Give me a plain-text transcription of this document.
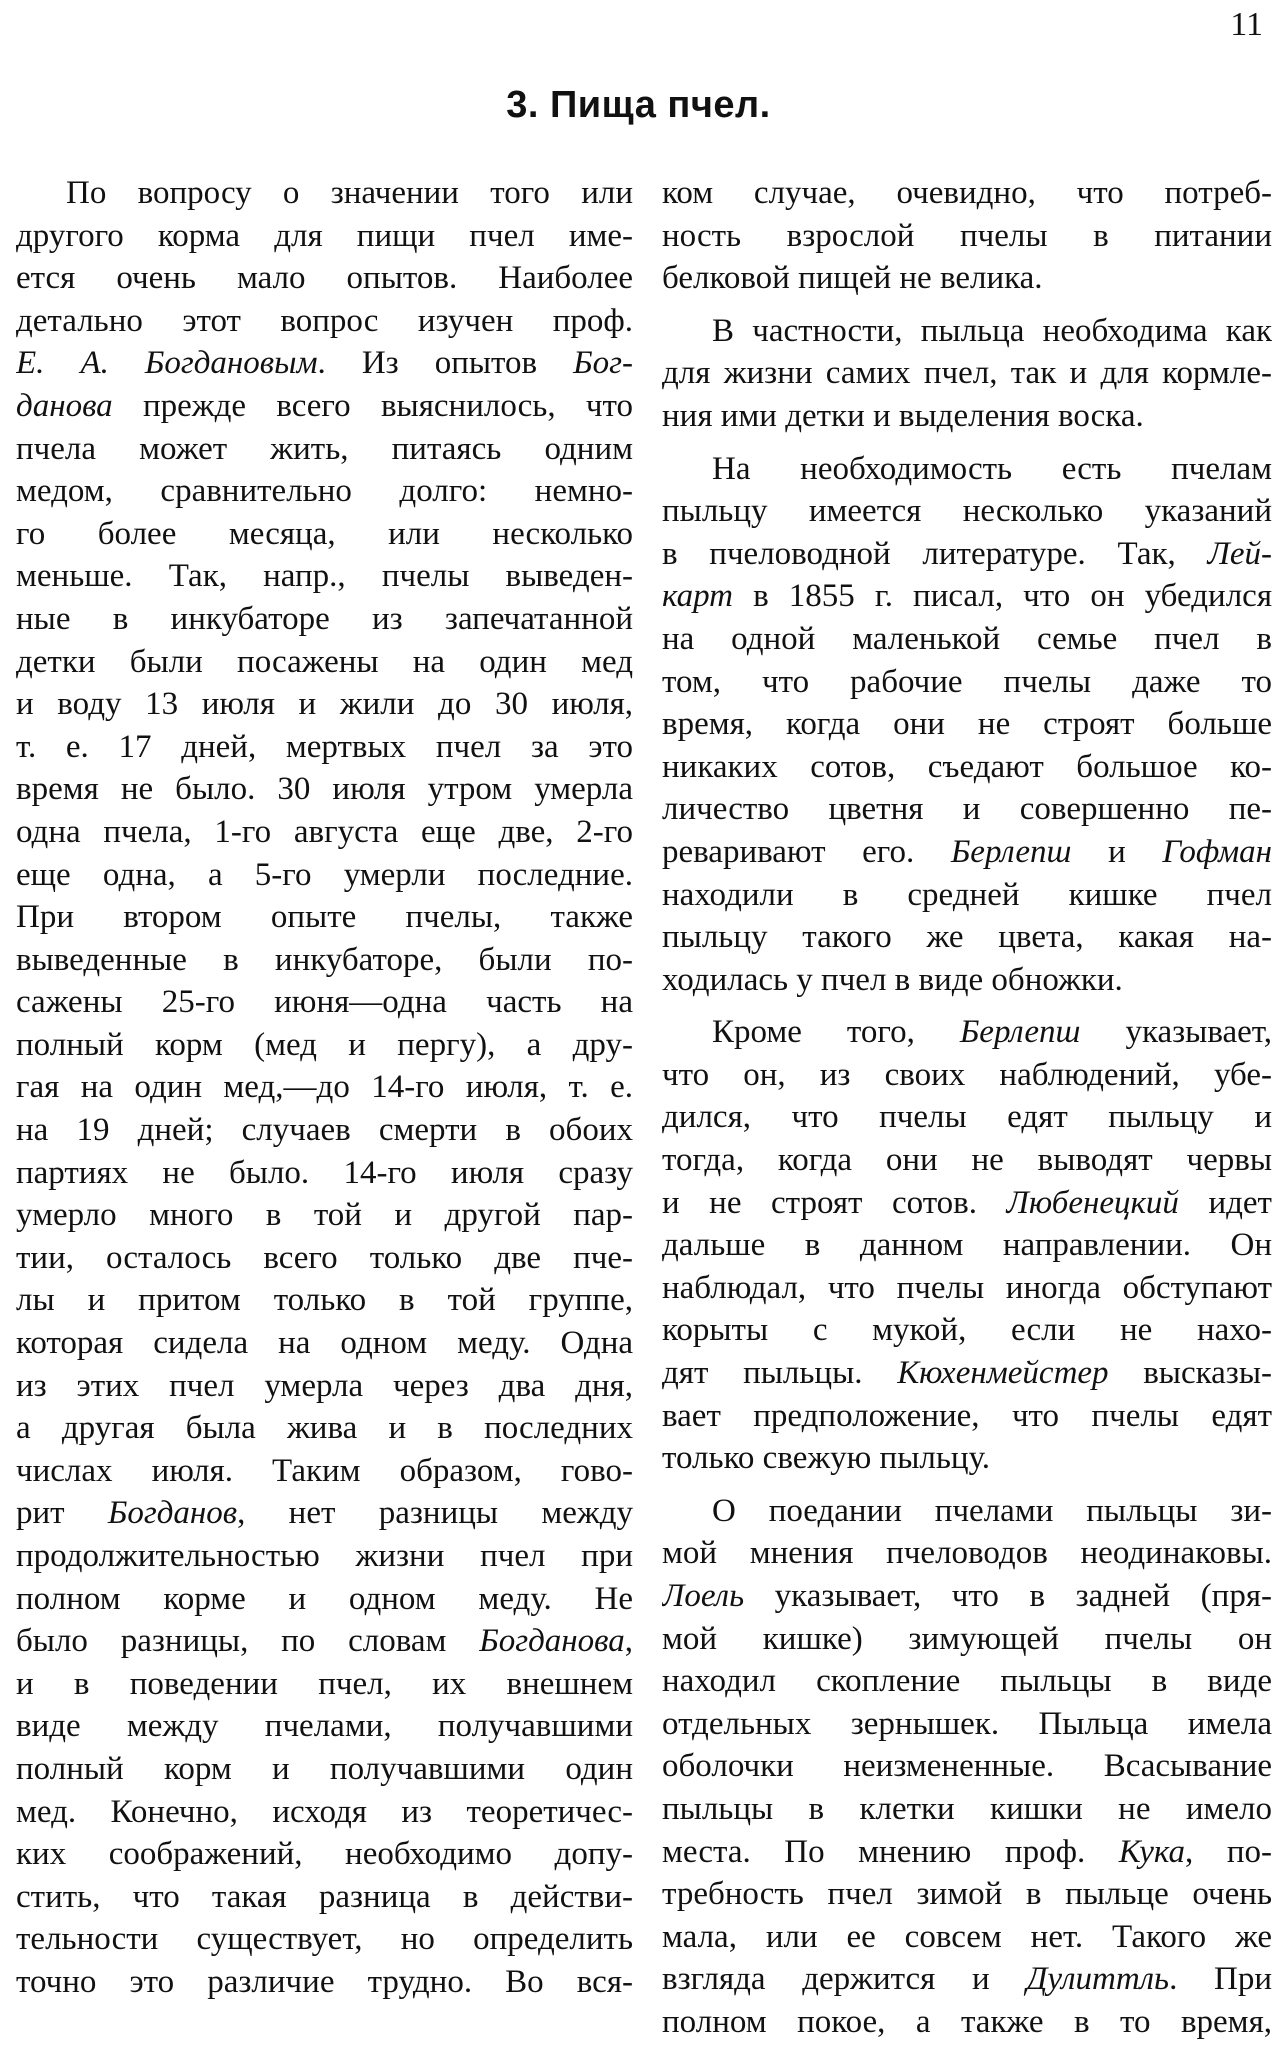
11
3. Пища пчел.
По вопросу о значении того или
другого корма для пищи пчел име-
ется очень мало опытов. Наиболее
детально этот вопрос изучен проф.
Е. А. Богдановым. Из опытов Бог-
данова прежде всего выяснилось, что
пчела может жить, питаясь одним
медом, сравнительно долго: немно-
го более месяца, или несколько
меньше. Так, напр., пчелы выведен-
ные в инкубаторе из запечатанной
детки были посажены на один мед
и воду 13 июля и жили до 30 июля,
т. е. 17 дней, мертвых пчел за это
время не было. 30 июля утром умерла
одна пчела, 1-го августа еще две, 2-го
еще одна, а 5-го умерли последние.
При втором опыте пчелы, также
выведенные в инкубаторе, были по-
сажены 25-го июня—одна часть на
полный корм (мед и пергу), а дру-
гая на один мед,—до 14-го июля, т. е.
на 19 дней; случаев смерти в обоих
партиях не было. 14-го июля сразу
умерло много в той и другой пар-
тии, осталось всего только две пче-
лы и притом только в той группе,
которая сидела на одном меду. Одна
из этих пчел умерла через два дня,
а другая была жива и в последних
числах июля. Таким образом, гово-
рит Богданов, нет разницы между
продолжительностью жизни пчел при
полном корме и одном меду. Не
было разницы, по словам Богданова,
и в поведении пчел, их внешнем
виде между пчелами, получавшими
полный корм и получавшими один
мед. Конечно, исходя из теоретичес-
ких соображений, необходимо допу-
стить, что такая разница в действи-
тельности существует, но определить
точно это различие трудно. Во вся-
ком случае, очевидно, что потреб-
ность взрослой пчелы в питании
белковой пищей не велика.
В частности, пыльца необходима как
для жизни самих пчел, так и для кормле-
ния ими детки и выделения воска.
На необходимость есть пчелам
пыльцу имеется несколько указаний
в пчеловодной литературе. Так, Лей-
карт в 1855 г. писал, что он убедился
на одной маленькой семье пчел в
том, что рабочие пчелы даже то
время, когда они не строят больше
никаких сотов, съедают большое ко-
личество цветня и совершенно пе-
реваривают его. Берлепш и Гофман
находили в средней кишке пчел
пыльцу такого же цвета, какая на-
ходилась у пчел в виде обножки.
Кроме того, Берлепш указывает,
что он, из своих наблюдений, убе-
дился, что пчелы едят пыльцу и
тогда, когда они не выводят червы
и не строят сотов. Любенецкий идет
дальше в данном направлении. Он
наблюдал, что пчелы иногда обступают
корыты с мукой, если не нахо-
дят пыльцы. Кюхенмейстер высказы-
вает предположение, что пчелы едят
только свежую пыльцу.
О поедании пчелами пыльцы зи-
мой мнения пчеловодов неодинаковы.
Лоель указывает, что в задней (пря-
мой кишке) зимующей пчелы он
находил скопление пыльцы в виде
отдельных зернышек. Пыльца имела
оболочки неизмененные. Всасывание
пыльцы в клетки кишки не имело
места. По мнению проф. Кука, по-
требность пчел зимой в пыльце очень
мала, или ее совсем нет. Такого же
взгляда держится и Дулиттль. При
полном покое, а также в то время,
